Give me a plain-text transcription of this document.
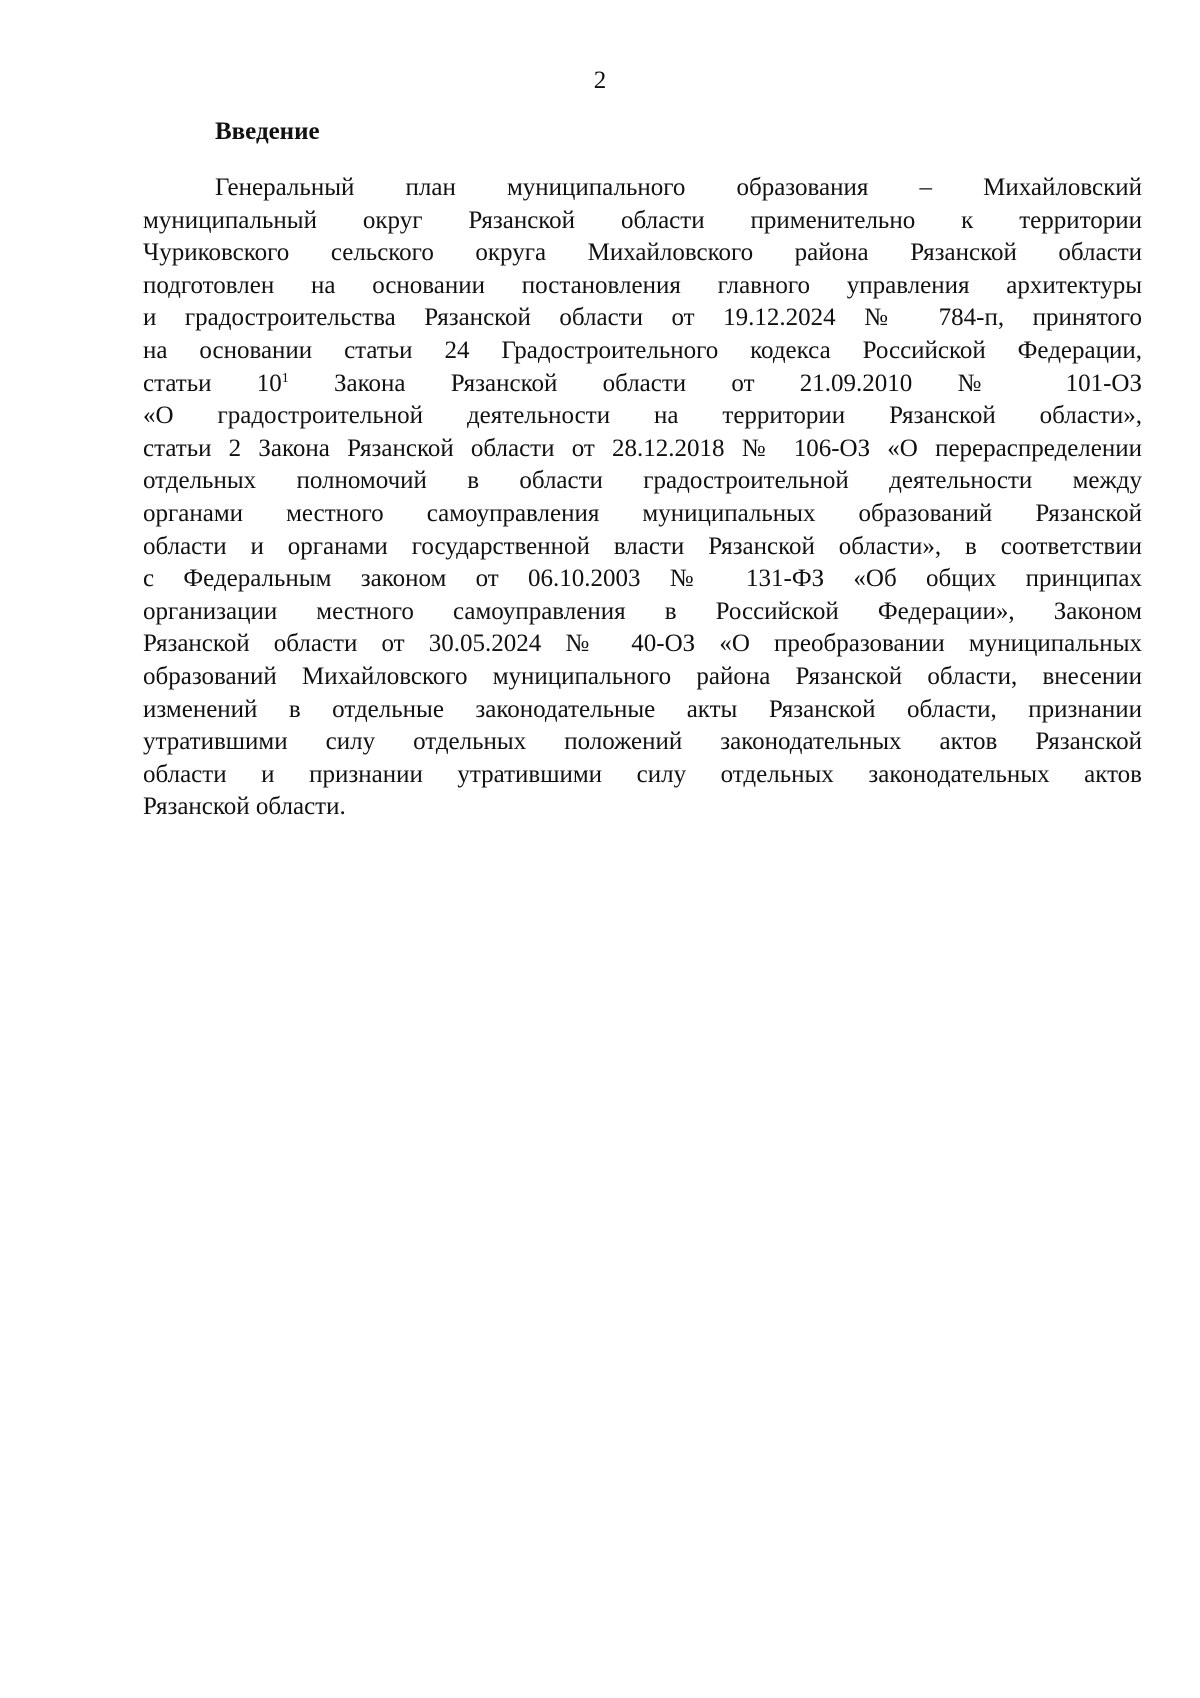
2
Введение
Генеральный план муниципального образования – Михайловский
муниципальный округ Рязанской области применительно к территории
Чуриковского сельского округа Михайловского района Рязанской области
подготовлен на основании постановления главного управления архитектуры
и градостроительства Рязанской области от 19.12.2024 № 784-п, принятого
на основании статьи 24 Градостроительного кодекса Российской Федерации,
статьи $10^1$ Закона Рязанской области от 21.09.2010 № 101-ОЗ
«О градостроительной деятельности на территории Рязанской области»,
статьи 2 Закона Рязанской области от 28.12.2018 № 106-ОЗ «О перераспределении
отдельных полномочий в области градостроительной деятельности между
органами местного самоуправления муниципальных образований Рязанской
области и органами государственной власти Рязанской области», в соответствии
с Федеральным законом от 06.10.2003 № 131-ФЗ «Об общих принципах
организации местного самоуправления в Российской Федерации», Законом
Рязанской области от 30.05.2024 № 40-ОЗ «О преобразовании муниципальных
образований Михайловского муниципального района Рязанской области, внесении
изменений в отдельные законодательные акты Рязанской области, признании
утратившими силу отдельных положений законодательных актов Рязанской
области и признании утратившими силу отдельных законодательных актов
Рязанской области.
